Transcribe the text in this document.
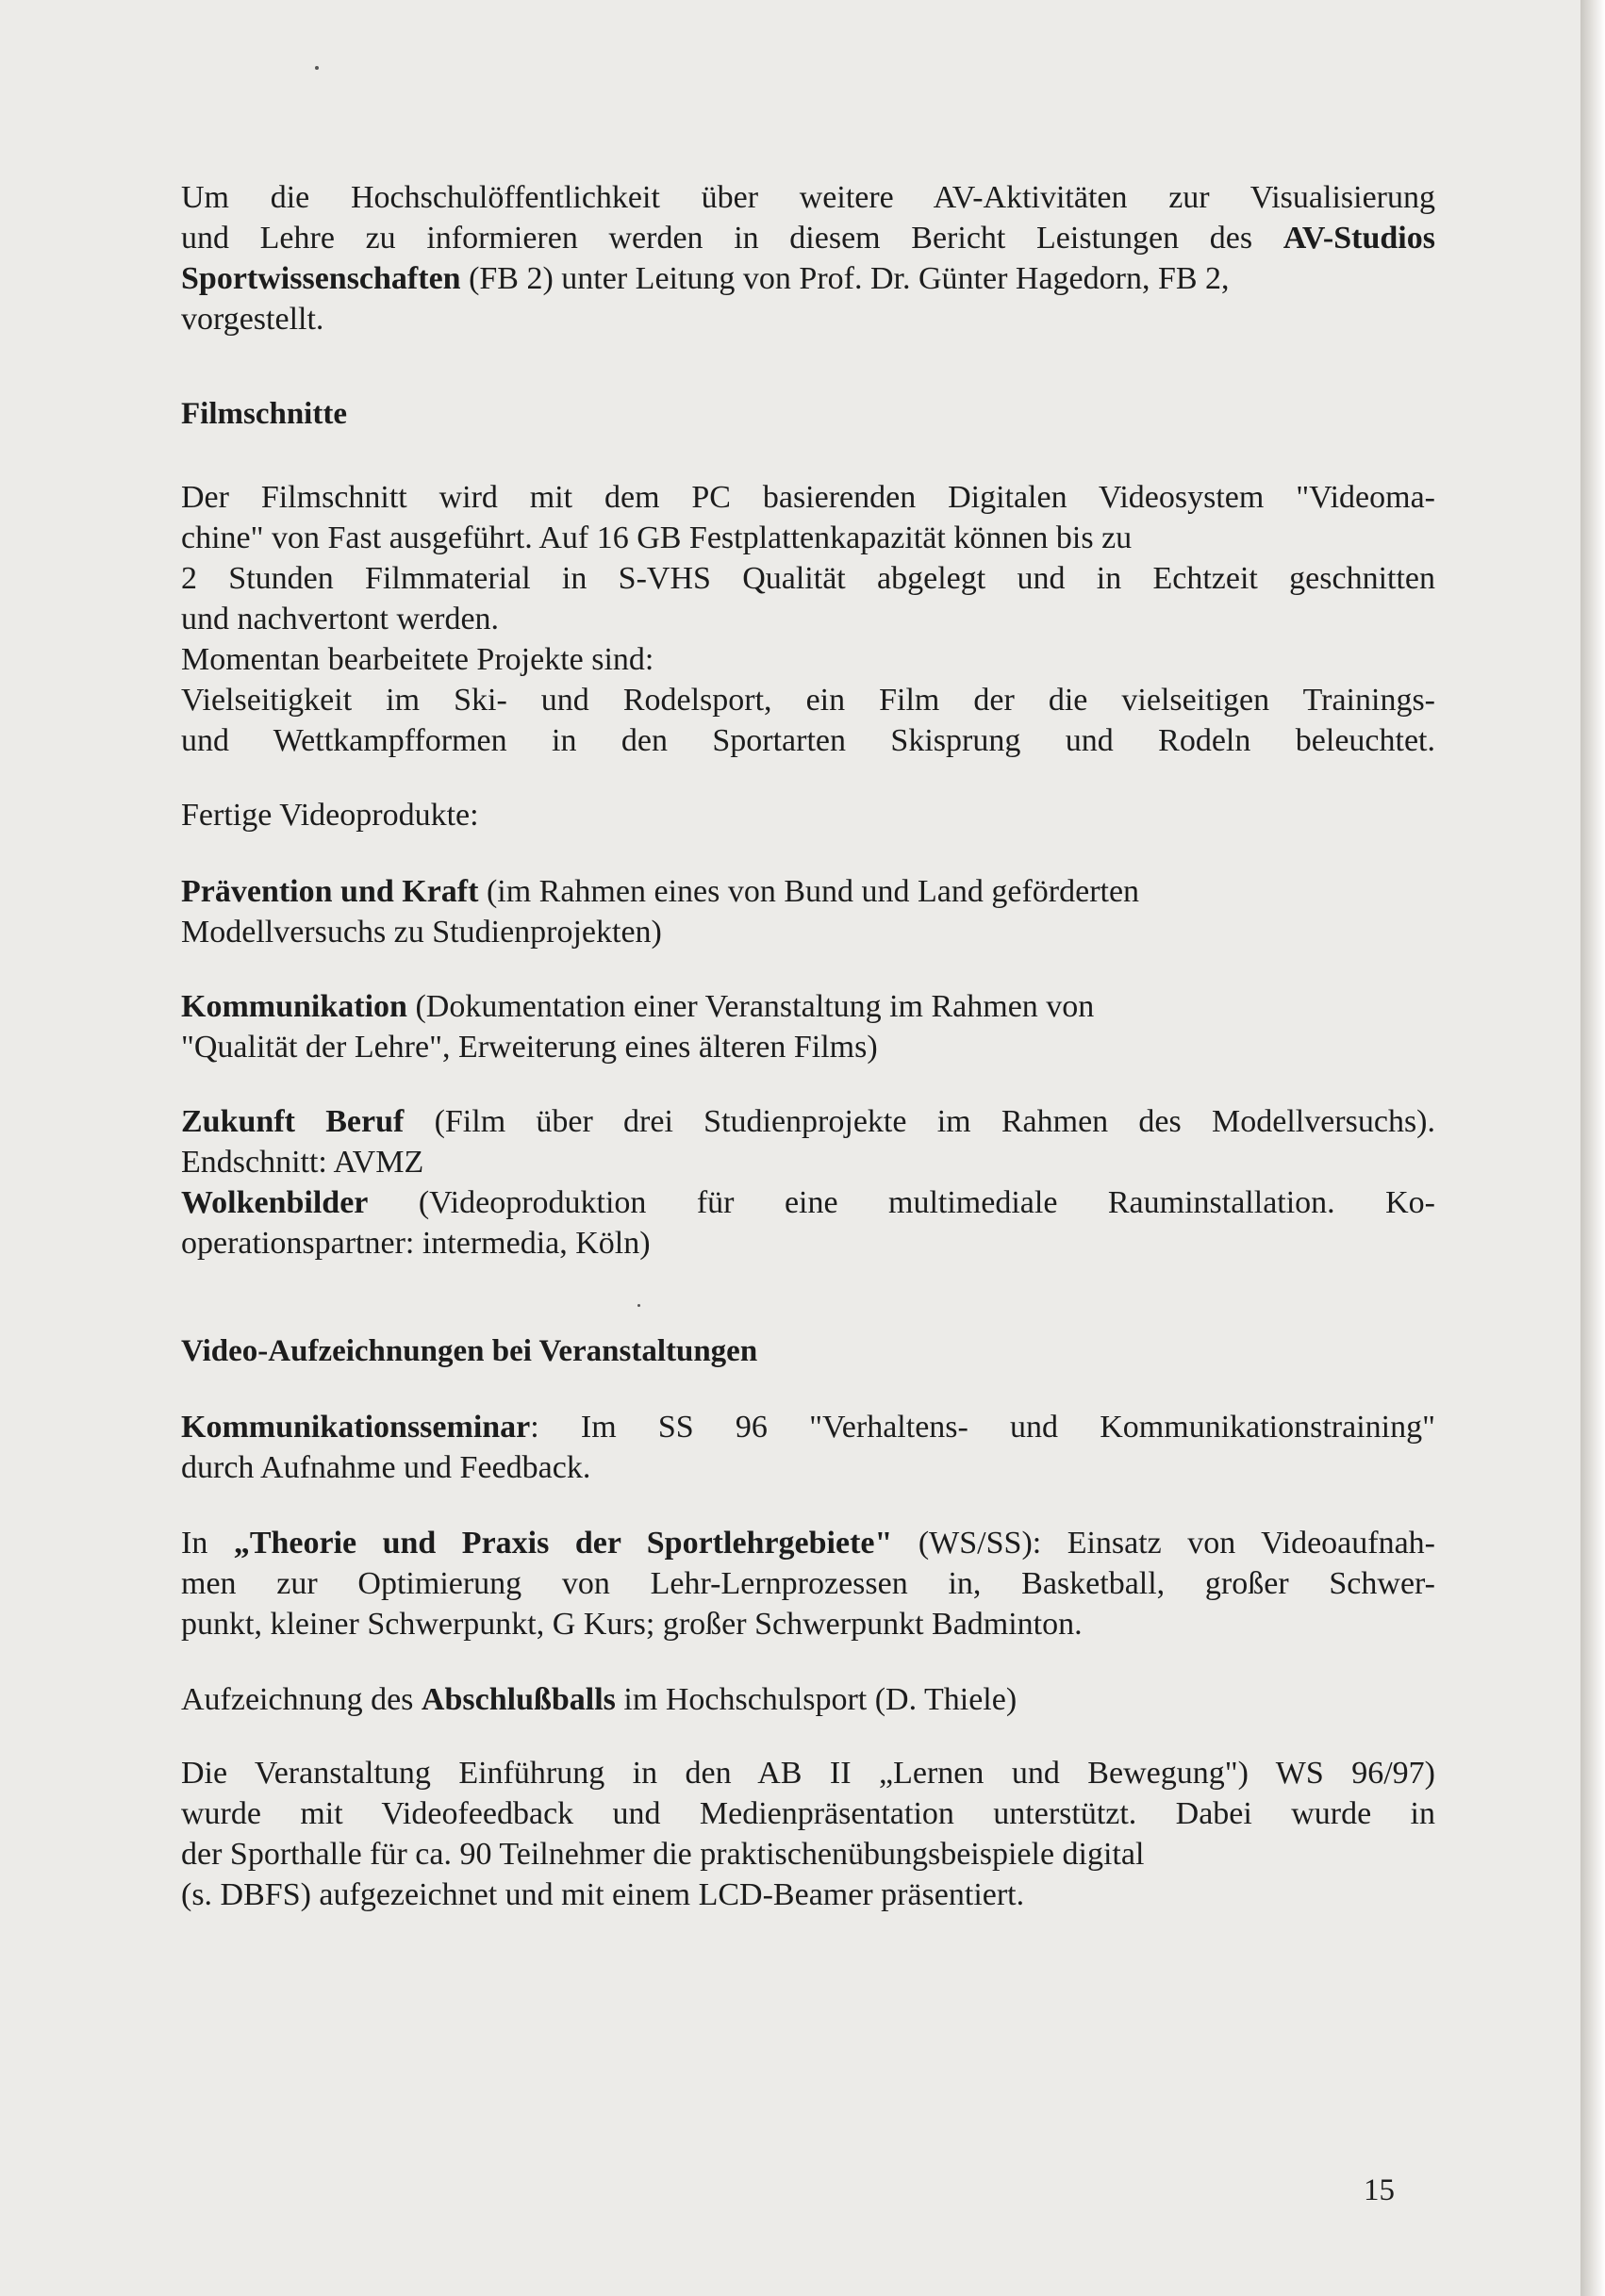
Um die Hochschulöffentlichkeit über weitere AV-Aktivitäten zur Visualisierung
und Lehre zu informieren werden in diesem Bericht Leistungen des AV-Studios
Sportwissenschaften (FB 2) unter Leitung von Prof. Dr. Günter Hagedorn, FB 2,
vorgestellt.

Filmschnitte

Der Filmschnitt wird mit dem PC basierenden Digitalen Videosystem "Videoma-
chine" von Fast ausgeführt. Auf 16 GB Festplattenkapazität können bis zu
2 Stunden Filmmaterial in S-VHS Qualität abgelegt und in Echtzeit geschnitten
und nachvertont werden.
Momentan bearbeitete Projekte sind:
Vielseitigkeit im Ski- und Rodelsport, ein Film der die vielseitigen Trainings-
und Wettkampfformen in den Sportarten Skisprung und Rodeln beleuchtet.

Fertige Videoprodukte:

Prävention und Kraft (im Rahmen eines von Bund und Land geförderten
Modellversuchs zu Studienprojekten)

Kommunikation (Dokumentation einer Veranstaltung im Rahmen von
"Qualität der Lehre", Erweiterung eines älteren Films)

Zukunft Beruf (Film über drei Studienprojekte im Rahmen des Modellversuchs).
Endschnitt: AVMZ

Wolkenbilder (Videoproduktion für eine multimediale Rauminstallation. Ko-
operationspartner: intermedia, Köln)

Video-Aufzeichnungen bei Veranstaltungen

Kommunikationsseminar: Im SS 96 "Verhaltens- und Kommunikationstraining"
durch Aufnahme und Feedback.

In „Theorie und Praxis der Sportlehrgebiete" (WS/SS): Einsatz von Videoaufnah-
men zur Optimierung von Lehr-Lernprozessen in, Basketball, großer Schwer-
punkt, kleiner Schwerpunkt, G Kurs; großer Schwerpunkt Badminton.

Aufzeichnung des Abschlußballs im Hochschulsport (D. Thiele)

Die Veranstaltung Einführung in den AB II „Lernen und Bewegung") WS 96/97)
wurde mit Videofeedback und Medienpräsentation unterstützt. Dabei wurde in
der Sporthalle für ca. 90 Teilnehmer die praktischenübungsbeispiele digital
(s. DBFS) aufgezeichnet und mit einem LCD-Beamer präsentiert.

15
